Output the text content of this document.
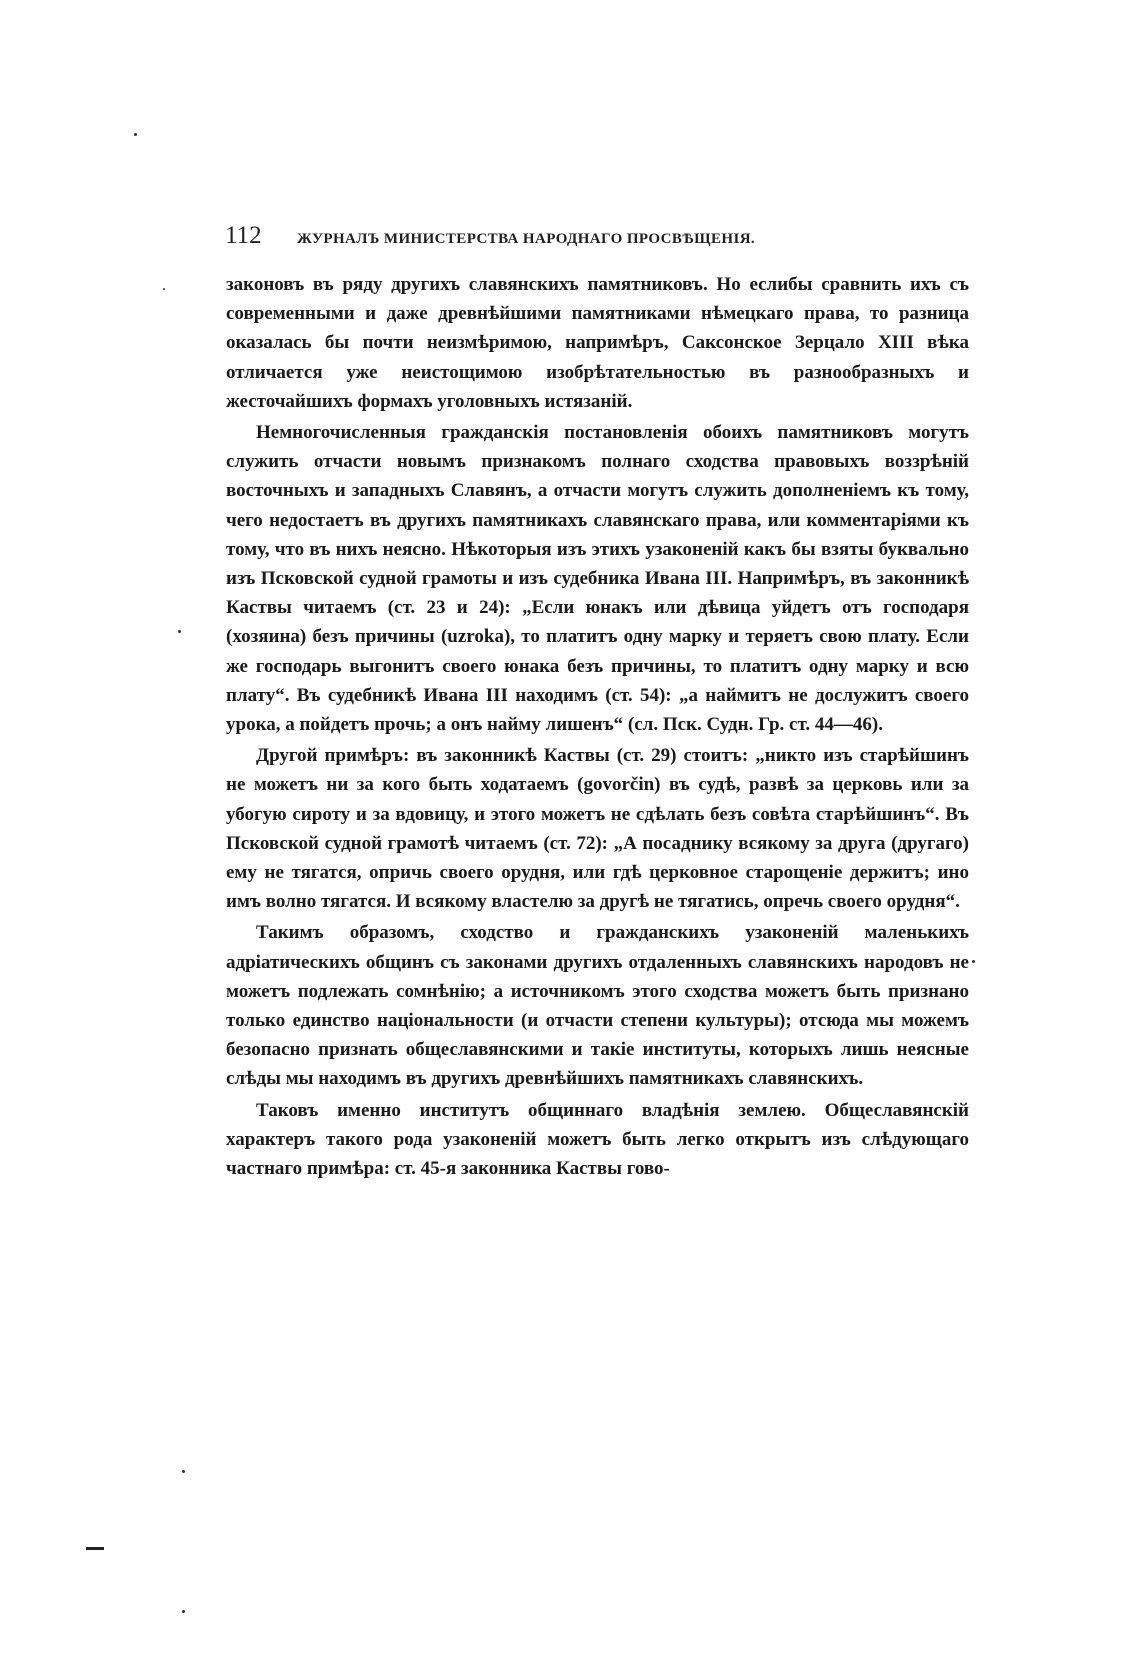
112	ЖУРНАЛЪ МИНИСТЕРСТВА НАРОДНАГО ПРОСВѢЩЕНІЯ.

законовъ въ ряду другихъ славянскихъ памятниковъ. Но еслибы сравнить ихъ съ современными и даже древнѣйшими памятниками нѣмецкаго права, то разница оказалась бы почти неизмѣримою, напримѣръ, Саксонское Зерцало XIII вѣка отличается уже неистощимою изобрѣтательностью въ разнообразныхъ и жесточайшихъ формахъ уголовныхъ истязаній.

Немногочисленныя гражданскія постановленія обоихъ памятниковъ могутъ служить отчасти новымъ признакомъ полнаго сходства правовыхъ воззрѣній восточныхъ и западныхъ Славянъ, а отчасти могутъ служить дополненіемъ къ тому, чего недостаетъ въ другихъ памятникахъ славянскаго права, или комментаріями къ тому, что въ нихъ неясно. Нѣкоторыя изъ этихъ узаконеній какъ бы взяты буквально изъ Псковской судной грамоты и изъ судебника Ивана III. Напримѣръ, въ законникѣ Каствы читаемъ (ст. 23 и 24): „Если юнакъ или дѣвица уйдетъ отъ господаря (хозяина) безъ причины (uzroka), то платитъ одну марку и теряетъ свою плату. Если же господарь выгонитъ своего юнака безъ причины, то платитъ одну марку и всю плату“. Въ судебникѣ Ивана III находимъ (ст. 54): „а наймитъ не дослужитъ своего урока, а пойдетъ прочь; а онъ найму лишенъ“ (сл. Пск. Судн. Гр. ст. 44—46).

Другой примѣръ: въ законникѣ Каствы (ст. 29) стоитъ: „никто изъ старѣйшинъ не можетъ ни за кого быть ходатаемъ (govorčin) въ судѣ, развѣ за церковь или за убогую сироту и за вдовицу, и этого можетъ не сдѣлать безъ совѣта старѣйшинъ“. Въ Псковской судной грамотѣ читаемъ (ст. 72): „А посаднику всякому за друга (другаго) ему не тягатся, опричь своего орудня, или гдѣ церковное старощеніе держитъ; ино имъ волно тягатся. И всякому властелю за другѣ не тягатись, опречь своего орудня“.

Такимъ образомъ, сходство и гражданскихъ узаконеній маленькихъ адріатическихъ общинъ съ законами другихъ отдаленныхъ славянскихъ народовъ не можетъ подлежать сомнѣнію; а источникомъ этого сходства можетъ быть признано только единство національности (и отчасти степени культуры); отсюда мы можемъ безопасно признать общеславянскими и такіе институты, которыхъ лишь неясные слѣды мы находимъ въ другихъ древнѣйшихъ памятникахъ славянскихъ.

Таковъ именно институтъ общиннаго владѣнія землею. Общеславянскій характеръ такого рода узаконеній можетъ быть легко открытъ изъ слѣдующаго частнаго примѣра: ст. 45-я законника Каствы гово-
